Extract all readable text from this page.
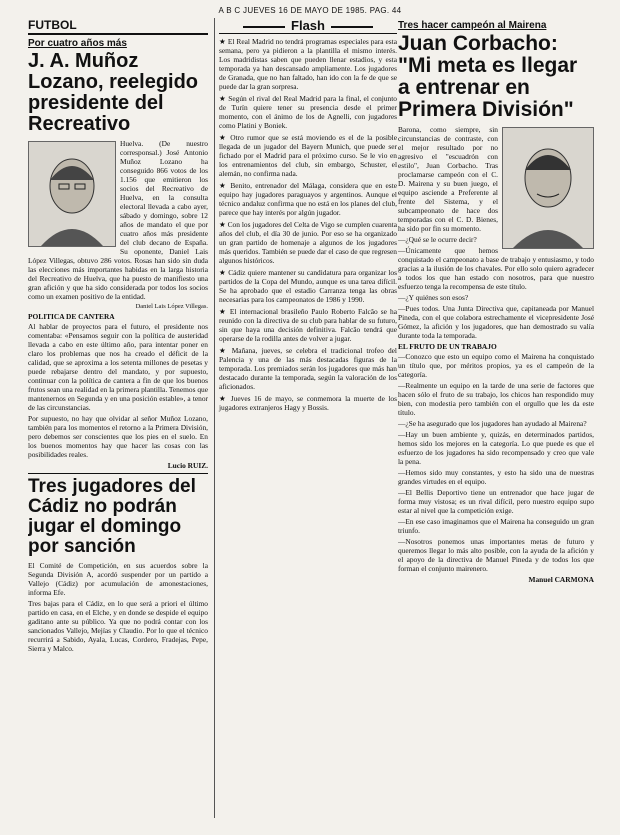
A B C JUEVES 16 DE MAYO DE 1985. PAG. 44
FUTBOL
Por cuatro años más
J. A. Muñoz Lozano, reelegido presidente del Recreativo

Huelva. (De nuestro corresponsal.) José Antonio Muñoz Lozano ha conseguido 866 votos de los 1.156 que emitieron los socios del Recreativo de Huelva, en la consulta electoral llevada a cabo ayer, sábado y domingo, sobre 12 años de mandato el que por cuatro años más presidente del club decano de España. Su oponente, Daniel Lais López Villegas, obtuvo 286 votos. Rosas han sido sin duda las elecciones más importantes habidas en la larga historia del Recreativo de Huelva, que ha puesto de manifiesto una gran afición y que ha sido considerada por todos los socios como un examen positivo de la entidad.

Daniel Lais López Villegas.
POLITICA DE CANTERA

Al hablar de proyectos para el futuro, el presidente nos comentaba: «Pensamos seguir con la política de austeridad llevada a cabo en este último año, para intentar poner en claro los problemas que nos ha creado el déficit de la calidad, que se aproxima a los setenta millones de pesetas y puede rebajarse dentro del mandato, y por supuesto, continuar con la política de cantera a fin de que los buenos frutos sean una realidad en la primera plantilla. Tenemos que mantenernos en Segunda y en una posición estable», a tenor de las circunstancias.

Por supuesto, no hay que olvidar al señor Muñoz Lozano, también para los momentos el retorno a la Primera División, pero debemos ser conscientes que los pies en el suelo. En los buenos momentos hay que hacer las cosas con las posibilidades reales.

Lucio RUIZ.
Tres jugadores del Cádiz no podrán jugar el domingo por sanción

El Comité de Competición, en sus acuerdos sobre la Segunda División A, acordó suspender por un partido a Vallejo (Cádiz) por acumulación de amonestaciones, informa Efe.

Tres bajas para el Cádiz, en lo que será a priori el último partido en casa, en el Elche, y en donde se despide el equipo gaditano ante su público. Ya que no podrá contar con los sancionados Vallejo, Mejías y Claudio. Por lo que el técnico recurrirá a Sabido, Ayala, Lucas, Cordero, Fradejas, Pepe, Sierra y Malco.

Flash

★ El Real Madrid no tendrá programas especiales para esta semana, pero ya pidieron a la plantilla el mismo interés. Los madridistas saben que pueden llenar estadios, y esta temporada ya han descansado ampliamente. Los jugadores de Granada, que no han faltado, han ido con la fe de que se puede dar la gran sorpresa.

★ Según el rival del Real Madrid para la final, el conjunto de Turín quiere tener su presencia desde el primer momento, con el ánimo de los de Agnelli, con jugadores como Platini y Boniek.

★ Otro rumor que se está moviendo es el de la posible llegada de un jugador del Bayern Munich, que puede ser fichado por el Madrid para el próximo curso. Se le vio en los entrenamientos del club, sin embargo, Schuster, el alemán, no confirma nada.

★ Benito, entrenador del Málaga, considera que en este equipo hay jugadores paraguayos y argentinos. Aunque el técnico andaluz confirma que no está en los planes del club, parece que hay interés por algún jugador.

★ Con los jugadores del Celta de Vigo se cumplen cuarenta años del club, el día 30 de junio. Por eso se ha organizado un gran partido de homenaje a algunos de los jugadores más queridos. También se puede dar el caso de que regresen algunos históricos.

★ Cádiz quiere mantener su candidatura para organizar los partidos de la Copa del Mundo, aunque es una tarea difícil. Se ha aprobado que el estadio Carranza tenga las obras necesarias para los campeonatos de 1986 y 1990.

★ El internacional brasileño Paulo Roberto Falcão se ha reunido con la directiva de su club para hablar de su futuro, sin que haya una decisión definitiva. Falcão tendrá que operarse de la rodilla antes de volver a jugar.

★ Mañana, jueves, se celebra el tradicional trofeo del Palencia y una de las más destacadas figuras de la temporada. Los premiados serán los jugadores que más han destacado durante la temporada, según la valoración de los aficionados.

★ Jueves 16 de mayo, se conmemora la muerte de los jugadores extranjeros Hagy y Bossis.

Tres hacer campeón al Mairena
Juan Corbacho: "Mi meta es llegar a entrenar en Primera División"

Barona, como siempre, sin circunstancias de contraste, con el mejor resultado por no agresivo el "escuadrón con estilo", Juan Corbacho. Tras proclamarse campeón con el C. D. Mairena y su buen juego, el equipo asciende a Preferente al frente del Sistema, y el subcampeonato de hace dos temporadas con el C. D. Bienes, ha sido por fin su momento.

—¿Qué se le ocurre decir?

—Únicamente que hemos conquistado el campeonato a base de trabajo y entusiasmo, y todo gracias a la ilusión de los chavales. Por ello solo quiero agradecer a todos los que han estado con nosotros, para que nuestro esfuerzo tenga la recompensa de este título.

—¿Y quiénes son esos?

—Pues todos. Una Junta Directiva que, capitaneada por Manuel Pineda, con el que colabora estrechamente el vicepresidente José Gómez, la afición y los jugadores, que han demostrado su valía durante toda la temporada.

EL FRUTO DE UN TRABAJO

—Conozco que esto un equipo como el Mairena ha conquistado un título que, por méritos propios, ya es el campeón de la categoría.

—Realmente un equipo en la tarde de una serie de factores que hacen sólo el fruto de su trabajo, los chicos han respondido muy bien, con modestia pero también con el orgullo que les da este título.

—¿Se ha asegurado que los jugadores han ayudado al Mairena?

—Hay un buen ambiente y, quizás, en determinados partidos, hemos sido los mejores en la categoría. Lo que puede es que el esfuerzo de los jugadores ha sido recompensado y creo que vale la pena.

—Hemos sido muy constantes, y esto ha sido una de nuestras grandes virtudes en el equipo.

—El Bellis Deportivo tiene un entrenador que hace jugar de forma muy vistosa; es un rival difícil, pero nuestro equipo supo estar al nivel que la competición exige.

—En ese caso imaginamos que el Mairena ha conseguido un gran triunfo.

—Nosotros ponemos unas importantes metas de futuro y queremos llegar lo más alto posible, con la ayuda de la afición y el apoyo de la directiva de Manuel Pineda y de todos los que forman el conjunto mairenero.

Manuel CARMONA
